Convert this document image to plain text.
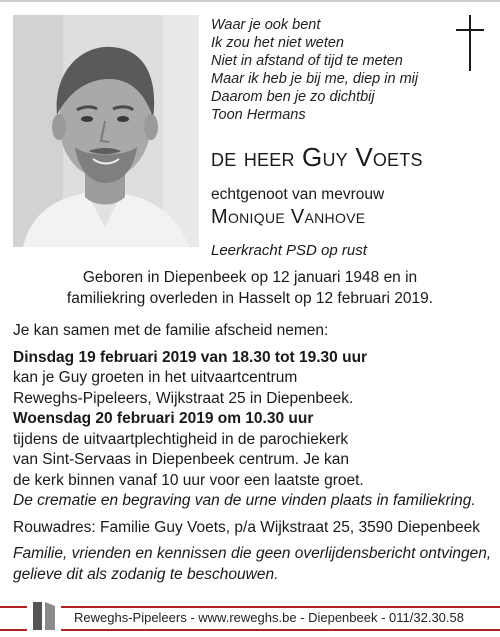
Waar je ook bent
Ik zou het niet weten
Niet in afstand of tijd te meten
Maar ik heb je bij me, diep in mij
Daarom ben je zo dichtbij
Toon Hermans
de heer Guy Voets
echtgenoot van mevrouw
Monique Vanhove
Leerkracht PSD op rust
Geboren in Diepenbeek op 12 januari 1948 en in
familiekring overleden in Hasselt op 12 februari 2019.
Je kan samen met de familie afscheid nemen:
Dinsdag 19 februari 2019 van 18.30 tot 19.30 uur
kan je Guy groeten in het uitvaartcentrum
Reweghs-Pipeleers, Wijkstraat 25 in Diepenbeek.
Woensdag 20 februari 2019 om 10.30 uur
tijdens de uitvaartplechtigheid in de parochiekerk
van Sint-Servaas in Diepenbeek centrum. Je kan
de kerk binnen vanaf 10 uur voor een laatste groet.
De crematie en begraving van de urne vinden plaats in familiekring.
Rouwadres: Familie Guy Voets, p/a Wijkstraat 25, 3590 Diepenbeek
Familie, vrienden en kennissen die geen overlijdensbericht ontvingen,
gelieve dit als zodanig te beschouwen.
Reweghs-Pipeleers - www.reweghs.be - Diepenbeek - 011/32.30.58
